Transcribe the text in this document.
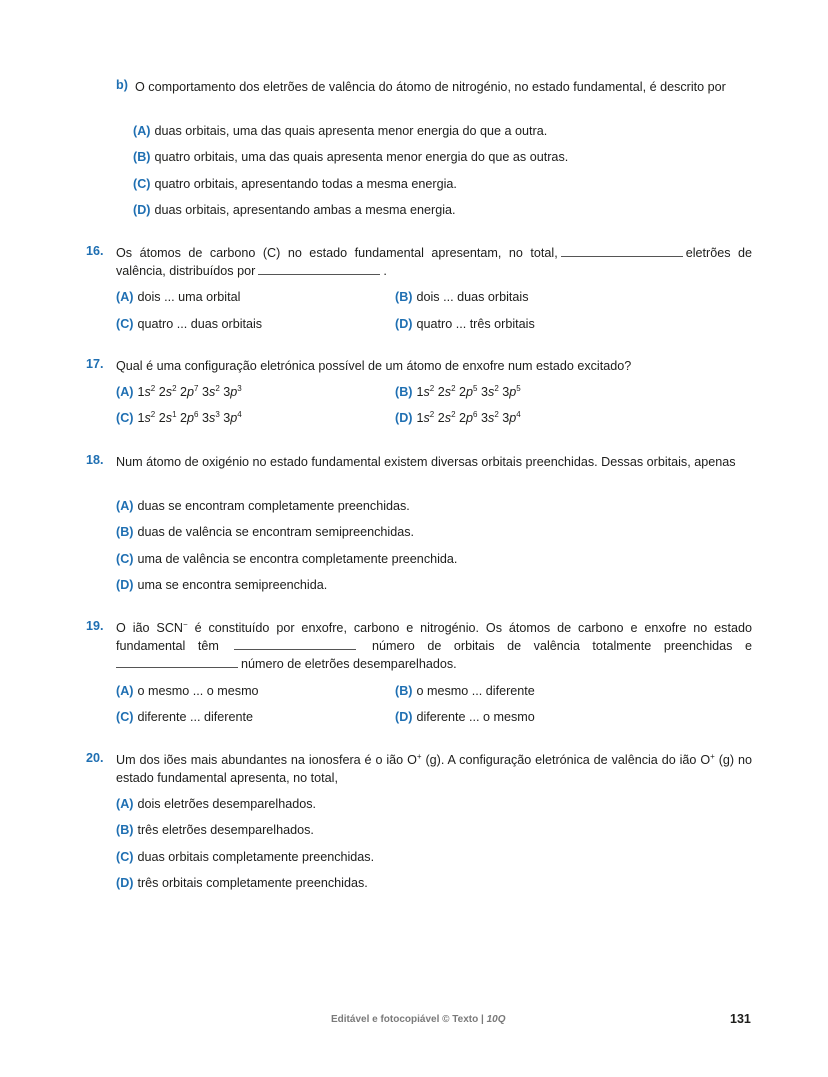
b) O comportamento dos eletrões de valência do átomo de nitrogénio, no estado fundamental, é descrito por
(A) duas orbitais, uma das quais apresenta menor energia do que a outra.
(B) quatro orbitais, uma das quais apresenta menor energia do que as outras.
(C) quatro orbitais, apresentando todas a mesma energia.
(D) duas orbitais, apresentando ambas a mesma energia.
16. Os átomos de carbono (C) no estado fundamental apresentam, no total,	eletrões de valência, distribuídos por	.
(A) dois ... uma orbital	(B) dois ... duas orbitais
(C) quatro ... duas orbitais	(D) quatro ... três orbitais
17. Qual é uma configuração eletrónica possível de um átomo de enxofre num estado excitado?
(A) $1s^2$ $2s^2$ $2p^7$ $3s^2$ $3p^3$	(B) $1s^2$ $2s^2$ $2p^5$ $3s^2$ $3p^5$
(C) $1s^2$ $2s^1$ $2p^6$ $3s^3$ $3p^4$	(D) $1s^2$ $2s^2$ $2p^6$ $3s^2$ $3p^4$
18. Num átomo de oxigénio no estado fundamental existem diversas orbitais preenchidas. Dessas orbitais, apenas
(A) duas se encontram completamente preenchidas.
(B) duas de valência se encontram semipreenchidas.
(C) uma de valência se encontra completamente preenchida.
(D) uma se encontra semipreenchida.
19. O ião SCN− é constituído por enxofre, carbono e nitrogénio. Os átomos de carbono e enxofre no estado fundamental têm	número de orbitais de valência totalmente preenchidas e número de eletrões desemparelhados.
(A) o mesmo ... o mesmo	(B) o mesmo ... diferente
(C) diferente ... diferente	(D) diferente ... o mesmo
20. Um dos iões mais abundantes na ionosfera é o ião O+ (g). A configuração eletrónica de valência do ião O+ (g) no estado fundamental apresenta, no total,
(A) dois eletrões desemparelhados.
(B) três eletrões desemparelhados.
(C) duas orbitais completamente preenchidas.
(D) três orbitais completamente preenchidas.
Editável e fotocopiável © Texto | 10Q	131
